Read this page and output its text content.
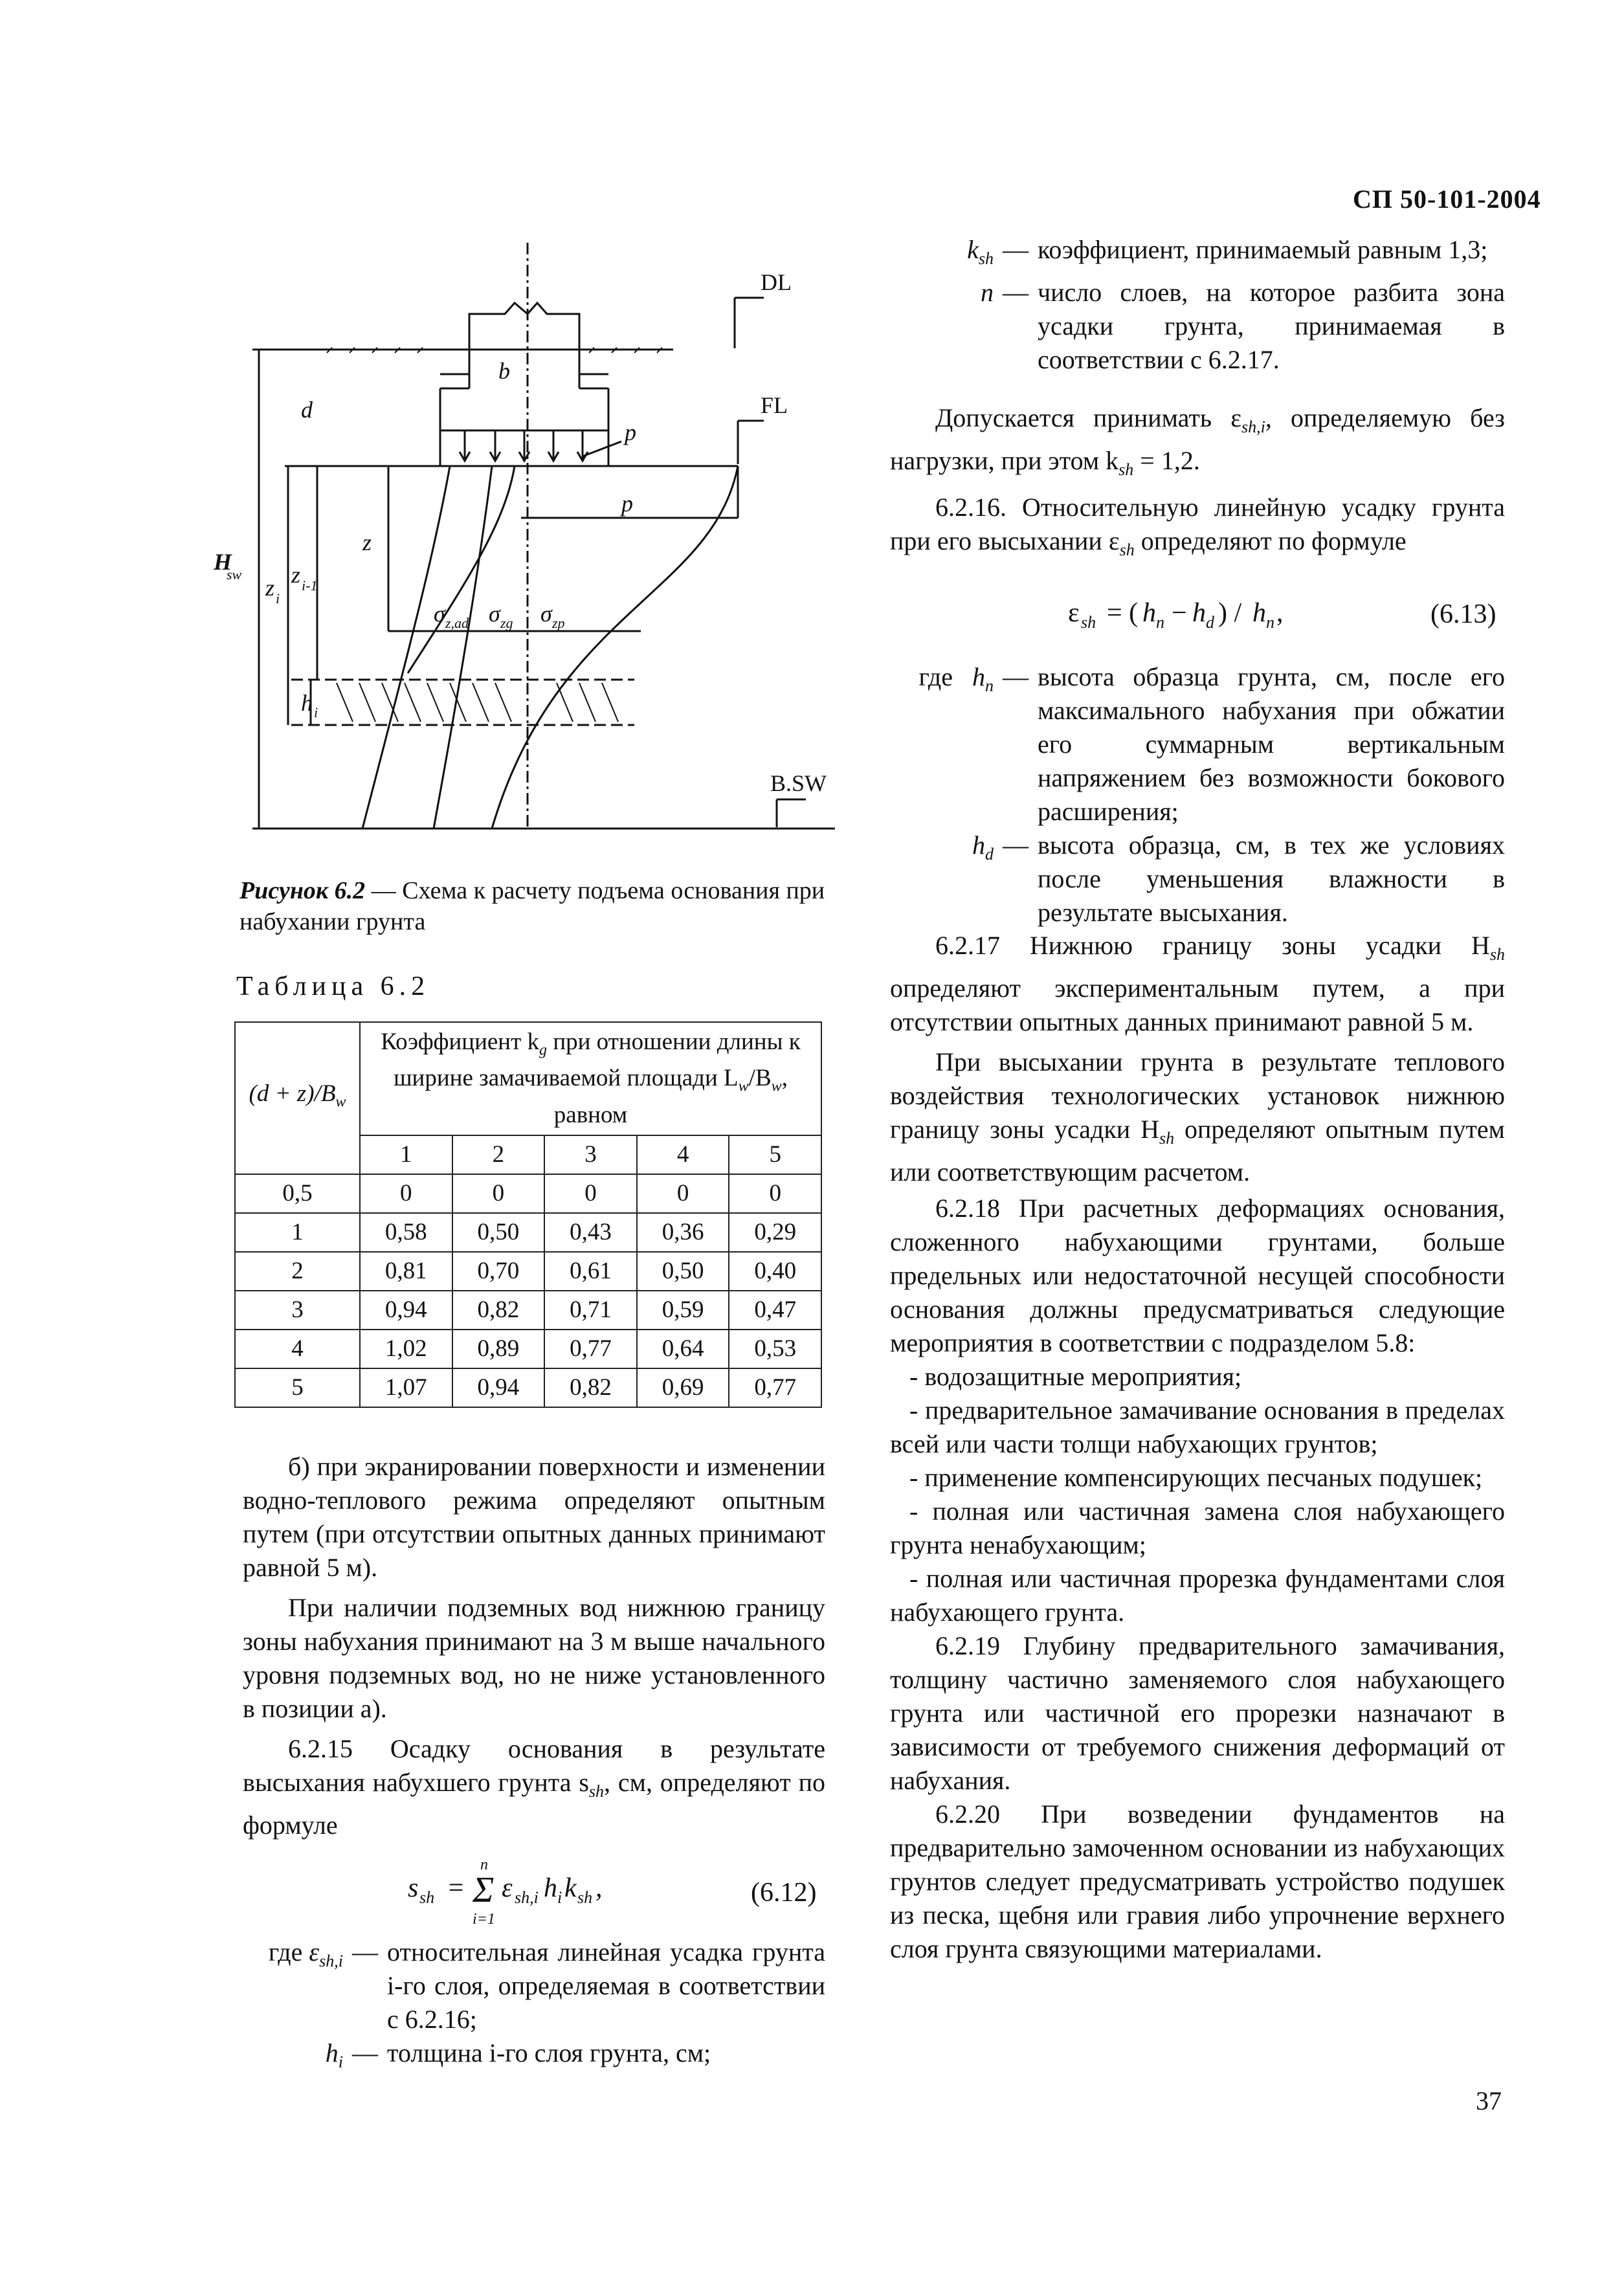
СП 50-101-2004
DL
FL
B.SW
b
d
p
p
z
H
sw
z i
z i-1
h i
σ z,ad σ zg σ zp
Рисунок 6.2 — Схема к расчету подъема основания при набухании грунта
Таблица 6.2
$(d + z)/B_w$	Коэффициент $k_g$ при отношении длины к ширине замачиваемой площади $L_w/B_w$, равном				
	1	2	3	4	5
0,5	0	0	0	0	0
1	0,58	0,50	0,43	0,36	0,29
2	0,81	0,70	0,61	0,50	0,40
3	0,94	0,82	0,71	0,59	0,47
4	1,02	0,89	0,77	0,64	0,53
5	1,07	0,94	0,82	0,69	0,77

б) при экранировании поверхности и изменении водно-теплового режима определяют опытным путем (при отсутствии опытных данных принимают равной 5 м).

При наличии подземных вод нижнюю границу зоны набухания принимают на 3 м выше начального уровня подземных вод, но не ниже установленного в позиции а).

6.2.15 Осадку основания в результате высыхания набухшего грунта $s_{sh}$, см, определяют по формуле

s sh = Σ
n
i=1
ε sh,i h i k sh ,	(6.12)
где $\varepsilon_{sh,i}$ — относительная линейная усадка грунта i-го слоя, определяемая в соответствии с 6.2.16;
$h_i$ — толщина i-го слоя грунта, см;
$k_{sh}$ — коэффициент, принимаемый равным 1,3;
n — число слоев, на которое разбита зона усадки грунта, принимаемая в соответствии с 6.2.17.

Допускается принимать $\varepsilon_{sh,i}$, определяемую без нагрузки, при этом $k_{sh} = 1,2$.

6.2.16. Относительную линейную усадку грунта при его высыхании $\varepsilon_{sh}$ определяют по формуле

ε sh = ( h n − h d ) / h n ,	(6.13)
где $h_n$ — высота образца грунта, см, после его максимального набухания при обжатии его суммарным вертикальным напряжением без возможности бокового расширения;
$h_d$ — высота образца, см, в тех же условиях после уменьшения влажности в результате высыхания.

6.2.17 Нижнюю границу зоны усадки $H_{sh}$ определяют экспериментальным путем, а при отсутствии опытных данных принимают равной 5 м.

При высыхании грунта в результате теплового воздействия технологических установок нижнюю границу зоны усадки $H_{sh}$ определяют опытным путем или соответствующим расчетом.

6.2.18 При расчетных деформациях основания, сложенного набухающими грунтами, больше предельных или недостаточной несущей способности основания должны предусматриваться следующие мероприятия в соответствии с подразделом 5.8:

- водозащитные мероприятия;

- предварительное замачивание основания в пределах всей или части толщи набухающих грунтов;

- применение компенсирующих песчаных подушек;

- полная или частичная замена слоя набухающего грунта ненабухающим;

- полная или частичная прорезка фундаментами слоя набухающего грунта.

6.2.19 Глубину предварительного замачивания, толщину частично заменяемого слоя набухающего грунта или частичной его прорезки назначают в зависимости от требуемого снижения деформаций от набухания.

6.2.20 При возведении фундаментов на предварительно замоченном основании из набухающих грунтов следует предусматривать устройство подушек из песка, щебня или гравия либо упрочнение верхнего слоя грунта связующими материалами.

37
